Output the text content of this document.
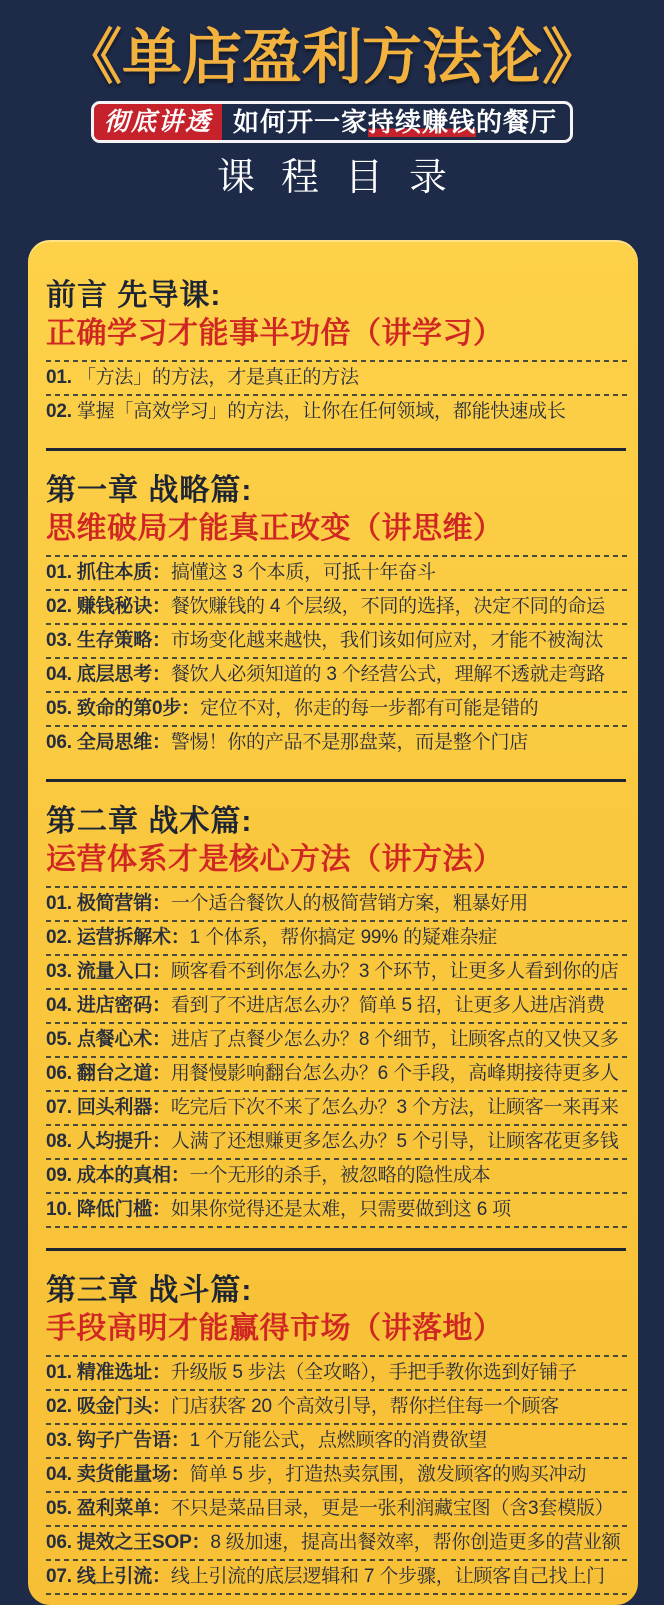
《单店盈利方法论》
彻底讲透 如何开一家持续赚钱的餐厅
课程目录
前言 先导课:
正确学习才能事半功倍（讲学习）
01. 「方法」的方法，才是真正的方法
02. 掌握「高效学习」的方法，让你在任何领域，都能快速成长
第一章 战略篇:
思维破局才能真正改变（讲思维）
01. 抓住本质：搞懂这 3 个本质，可抵十年奋斗
02. 赚钱秘诀：餐饮赚钱的 4 个层级，不同的选择，决定不同的命运
03. 生存策略：市场变化越来越快，我们该如何应对，才能不被淘汰
04. 底层思考：餐饮人必须知道的 3 个经营公式，理解不透就走弯路
05. 致命的第0步：定位不对，你走的每一步都有可能是错的
06. 全局思维：警惕！你的产品不是那盘菜，而是整个门店
第二章 战术篇:
运营体系才是核心方法（讲方法）
01. 极简营销：一个适合餐饮人的极简营销方案，粗暴好用
02. 运营拆解术：1 个体系，帮你搞定 99% 的疑难杂症
03. 流量入口：顾客看不到你怎么办？3 个环节，让更多人看到你的店
04. 进店密码：看到了不进店怎么办？简单 5 招，让更多人进店消费
05. 点餐心术：进店了点餐少怎么办？8 个细节，让顾客点的又快又多
06. 翻台之道：用餐慢影响翻台怎么办？6 个手段，高峰期接待更多人
07. 回头利器：吃完后下次不来了怎么办？3 个方法，让顾客一来再来
08. 人均提升：人满了还想赚更多怎么办？5 个引导，让顾客花更多钱
09. 成本的真相：一个无形的杀手，被忽略的隐性成本
10. 降低门槛：如果你觉得还是太难，只需要做到这 6 项
第三章 战斗篇:
手段高明才能赢得市场（讲落地）
01. 精准选址：升级版 5 步法（全攻略），手把手教你选到好铺子
02. 吸金门头：门店获客 20 个高效引导，帮你拦住每一个顾客
03. 钩子广告语：1 个万能公式，点燃顾客的消费欲望
04. 卖货能量场：简单 5 步，打造热卖氛围，激发顾客的购买冲动
05. 盈利菜单：不只是菜品目录，更是一张利润藏宝图（含3套模版）
06. 提效之王SOP：8 级加速，提高出餐效率，帮你创造更多的营业额
07. 线上引流：线上引流的底层逻辑和 7 个步骤，让顾客自己找上门
